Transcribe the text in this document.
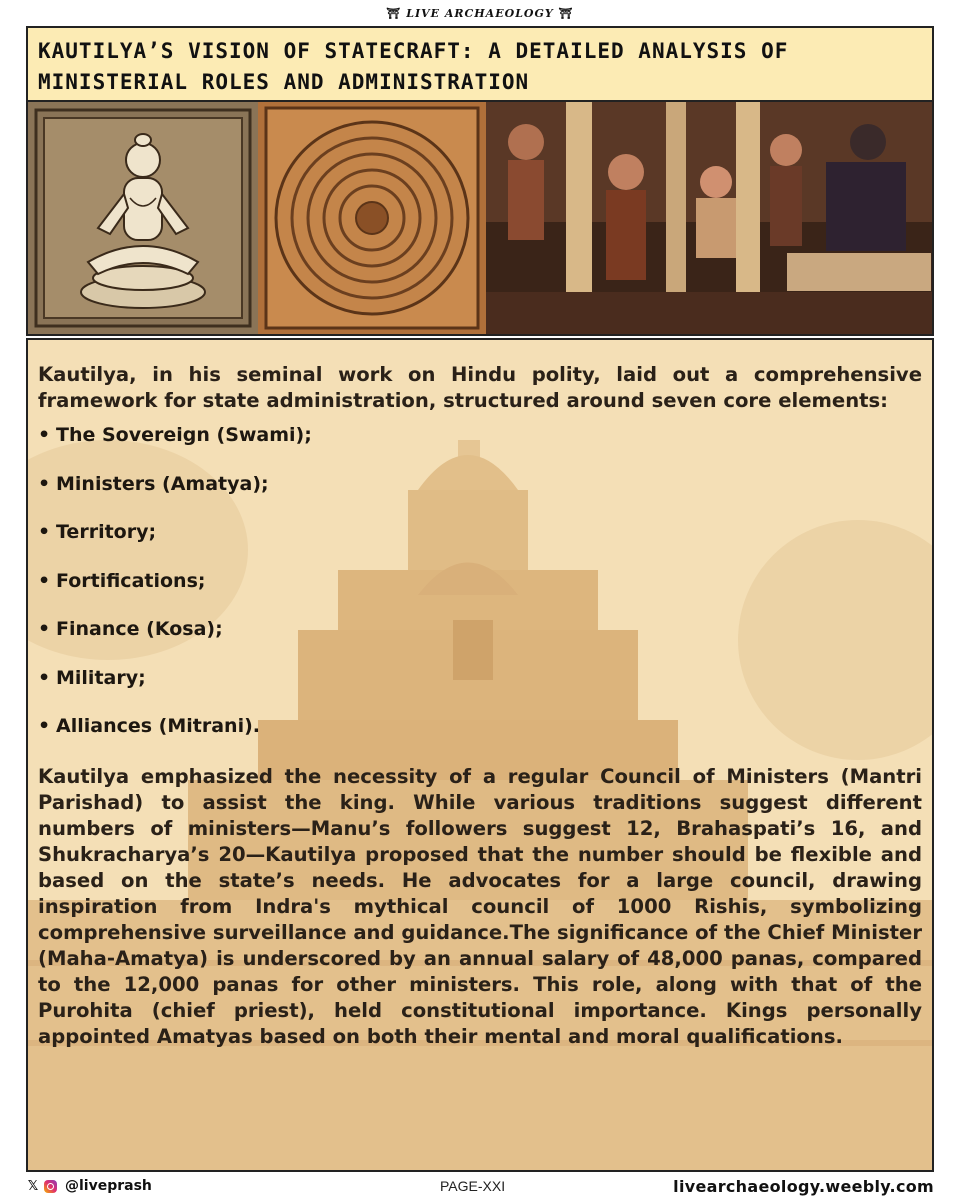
⛩ LIVE ARCHAEOLOGY ⛩
KAUTILYA’S VISION OF STATECRAFT: A DETAILED ANALYSIS OF MINISTERIAL ROLES AND ADMINISTRATION

Kautilya, in his seminal work on Hindu polity, laid out a comprehensive framework for state administration, structured around seven core elements:

• The Sovereign (Swami);
• Ministers (Amatya);
• Territory;
• Fortifications;
• Finance (Kosa);
• Military;
• Alliances (Mitrani).

Kautilya emphasized the necessity of a regular Council of Ministers (Mantri Parishad) to assist the king. While various traditions suggest different numbers of ministers—Manu’s followers suggest 12, Brahaspati’s 16, and Shukracharya’s 20—Kautilya proposed that the number should be flexible and based on the state’s needs. He advocates for a large council, drawing inspiration from Indra's mythical council of 1000 Rishis, symbolizing comprehensive surveillance and guidance.The significance of the Chief Minister (Maha-Amatya) is underscored by an annual salary of 48,000 panas, compared to the 12,000 panas for other ministers. This role, along with that of the Purohita (chief priest), held constitutional importance. Kings personally appointed Amatyas based on both their mental and moral qualifications.

𝕏 @liveprash	PAGE-XXI	livearchaeology.weebly.com
